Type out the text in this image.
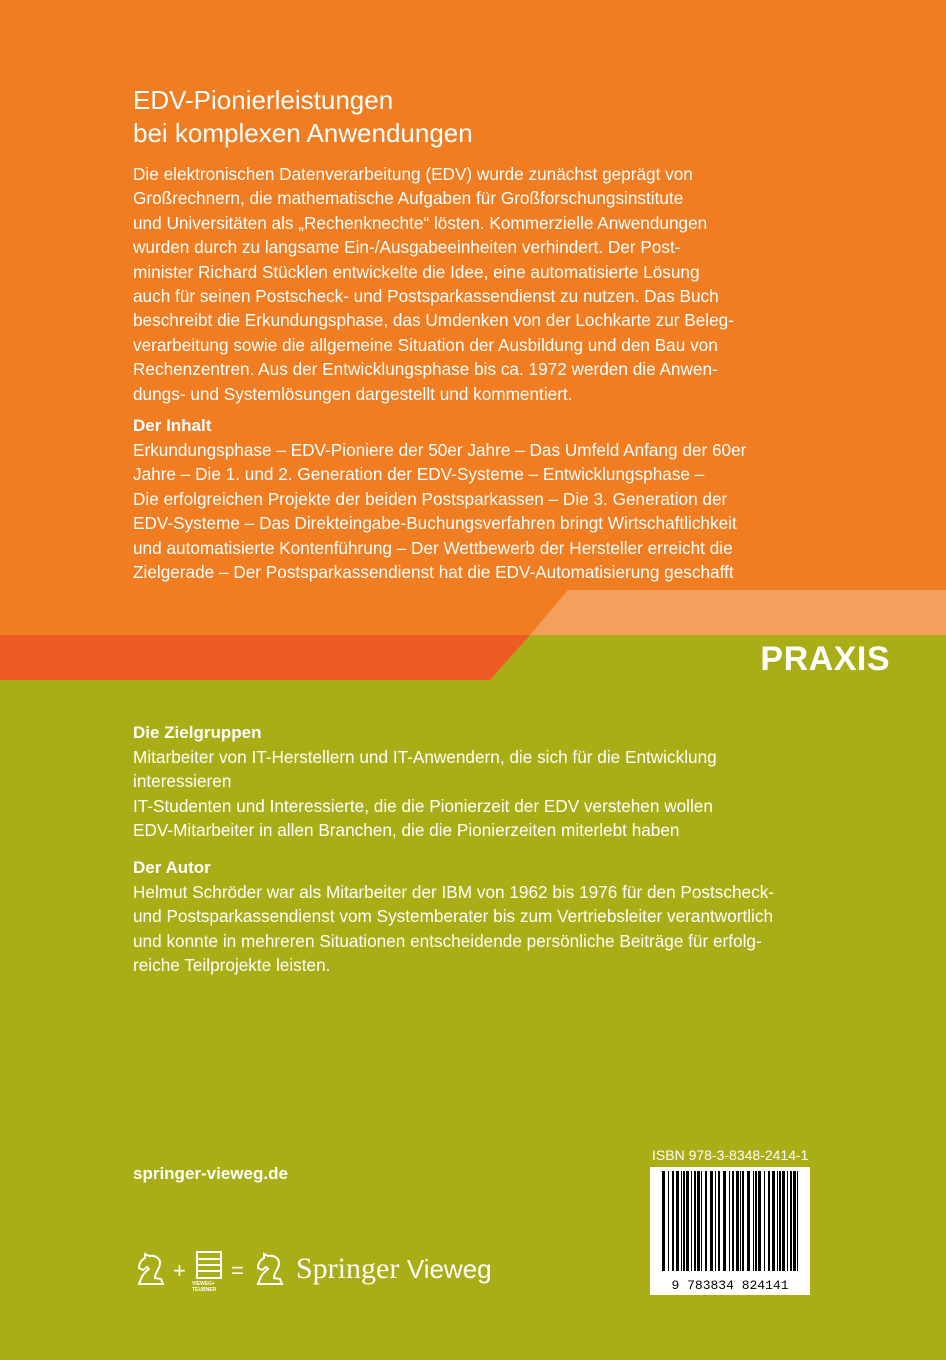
EDV-Pionierleistungen
bei komplexen Anwendungen

Die elektronischen Datenverarbeitung (EDV) wurde zunächst geprägt von

Großrechnern, die mathematische Aufgaben für Großforschungsinstitute

und Universitäten als „Rechenknechte“ lösten. Kommerzielle Anwendungen

wurden durch zu langsame Ein-/Ausgabeeinheiten verhindert. Der Post-

minister Richard Stücklen entwickelte die Idee, eine automatisierte Lösung

auch für seinen Postscheck- und Postsparkassendienst zu nutzen. Das Buch

beschreibt die Erkundungsphase, das Umdenken von der Lochkarte zur Beleg-

verarbeitung sowie die allgemeine Situation der Ausbildung und den Bau von

Rechenzentren. Aus der Entwicklungsphase bis ca. 1972 werden die Anwen-

dungs- und Systemlösungen dargestellt und kommentiert.

Der Inhalt

Erkundungsphase – EDV-Pioniere der 50er Jahre – Das Umfeld Anfang der 60er

Jahre – Die 1. und 2. Generation der EDV-Systeme – Entwicklungsphase –

Die erfolgreichen Projekte der beiden Postsparkassen – Die 3. Generation der

EDV-Systeme – Das Direkteingabe-Buchungsverfahren bringt Wirtschaftlichkeit

und automatisierte Kontenführung – Der Wettbewerb der Hersteller erreicht die

Zielgerade – Der Postsparkassendienst hat die EDV-Automatisierung geschafft

PRAXIS
Die Zielgruppen

Mitarbeiter von IT-Herstellern und IT-Anwendern, die sich für die Entwicklung

interessieren

IT-Studenten und Interessierte, die die Pionierzeit der EDV verstehen wollen

EDV-Mitarbeiter in allen Branchen, die die Pionierzeiten miterlebt haben

Der Autor

Helmut Schröder war als Mitarbeiter der IBM von 1962 bis 1976 für den Postscheck-

und Postsparkassendienst vom Systemberater bis zum Vertriebsleiter verantwortlich

und konnte in mehreren Situationen entscheidende persönliche Beiträge für erfolg-

reiche Teilprojekte leisten.

springer-vieweg.de
ISBN 978-3-8348-2414-1
9 783834 824141
+
VIEWEG+ TEUBNER
= Springer Vieweg
